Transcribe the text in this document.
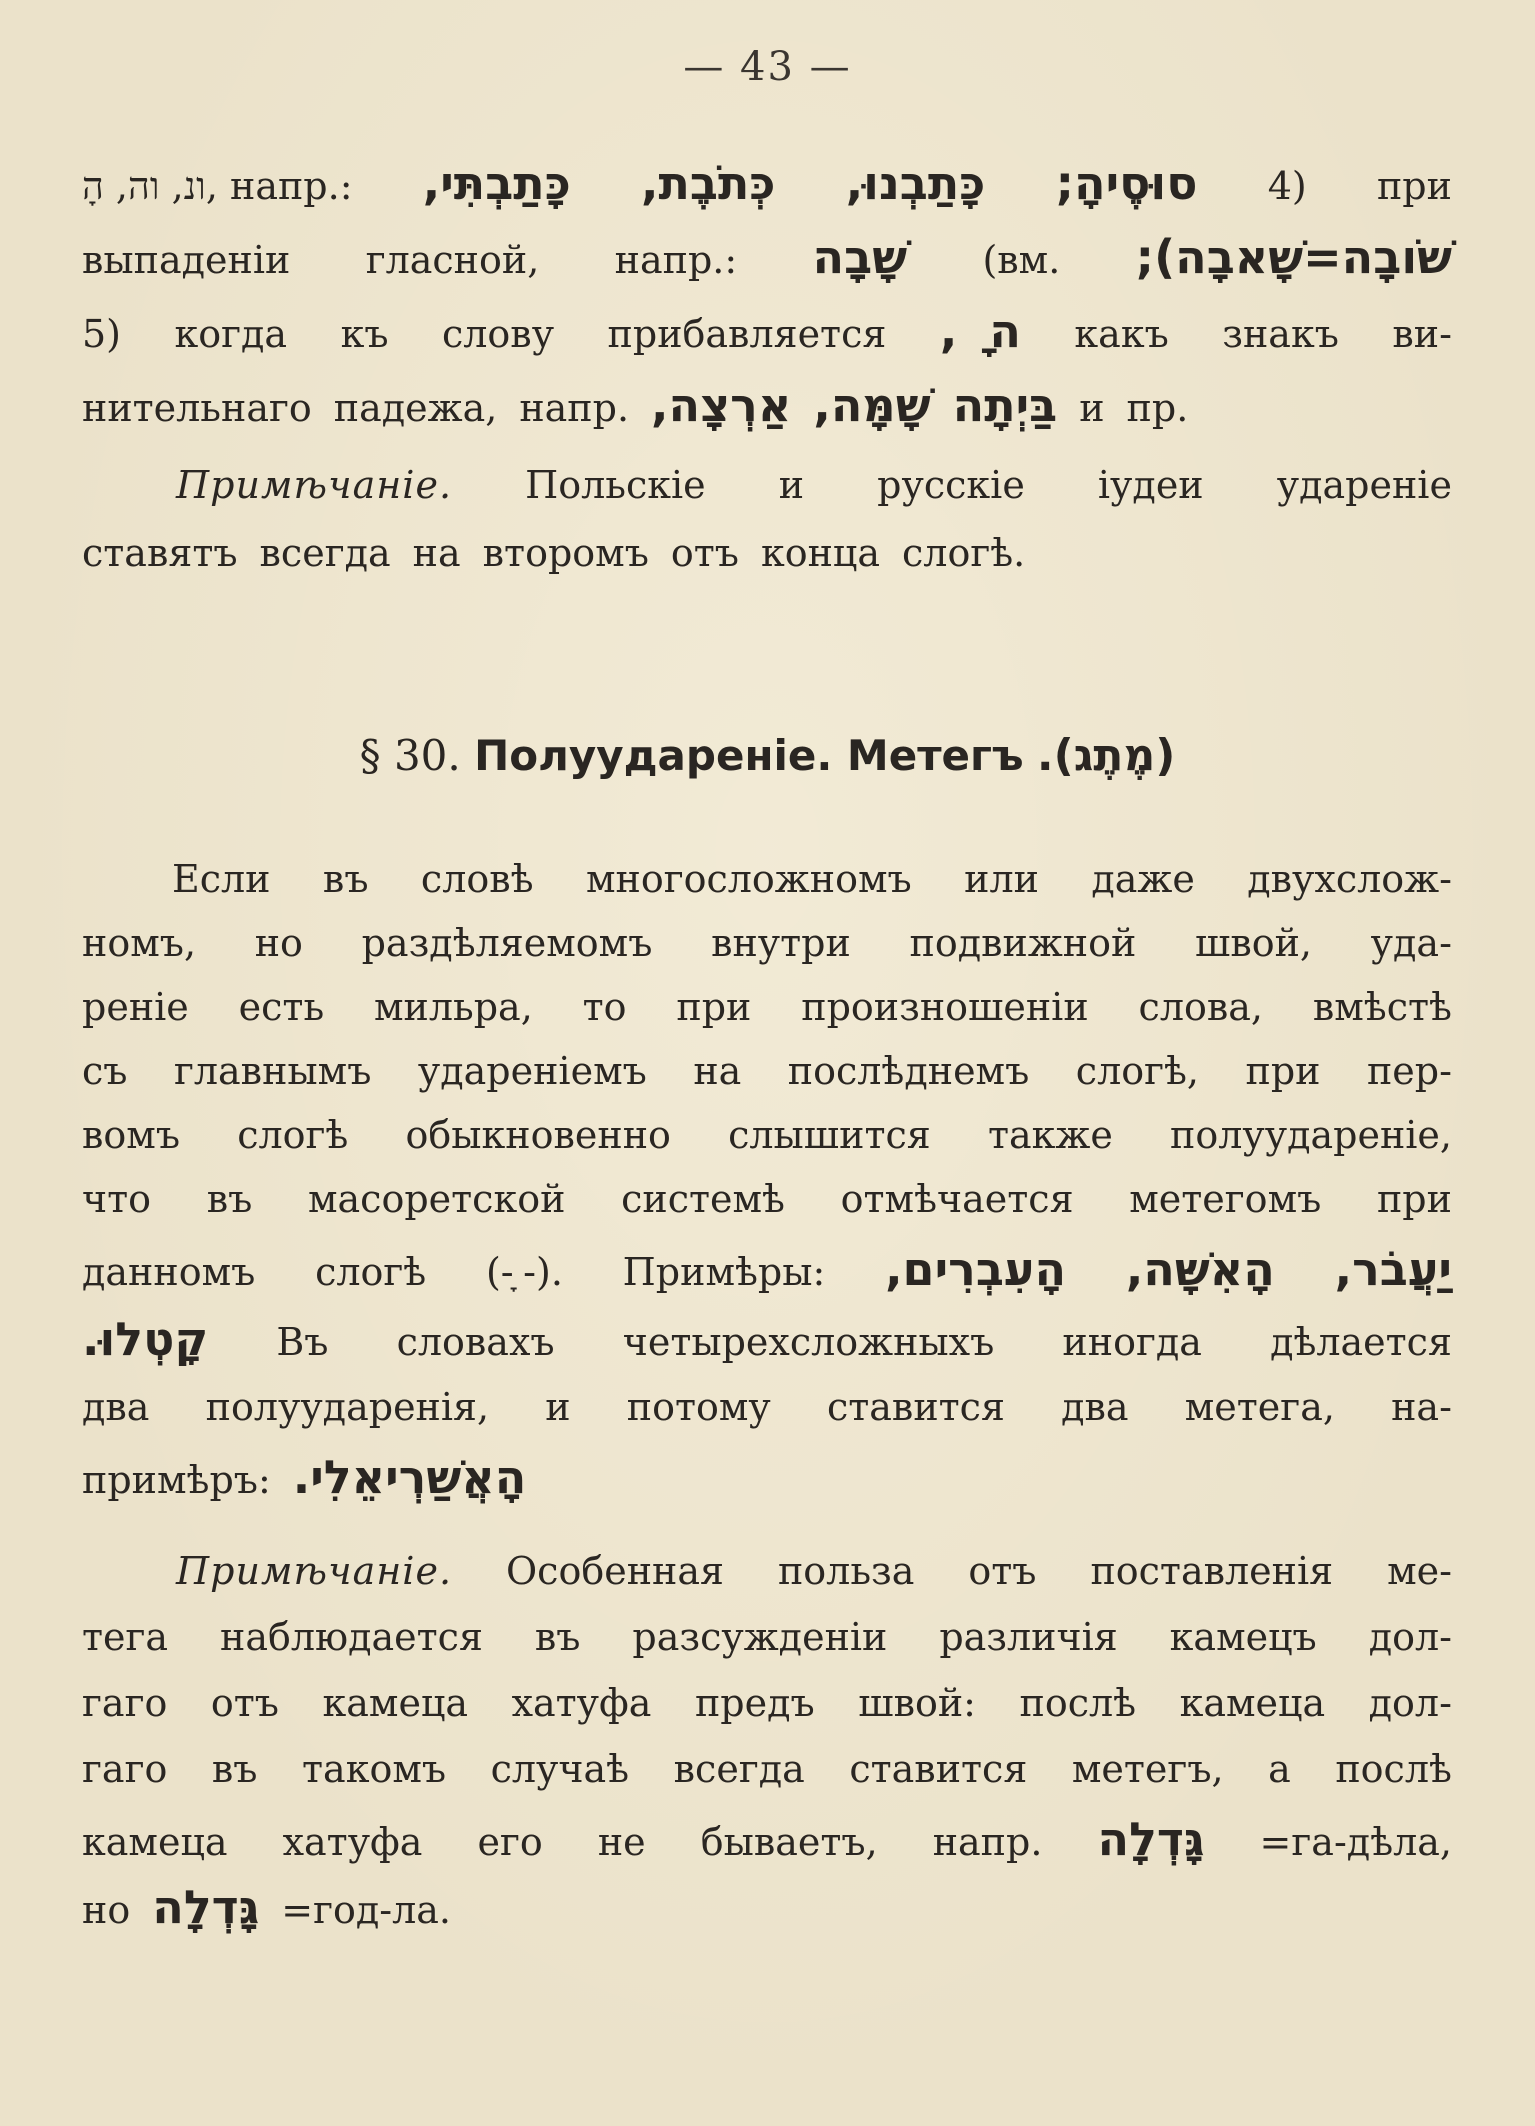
— 43 —
ונ, וה, הָ, напр.: כָּתַבְתִּי, כְּתֹבֶת, כָּתַבְנוּ, סוּסֶיהָ; 4) при
выпаденіи гласной, напр.: שָׁבָה (вм. שֹׁובָה=שָׁאבָה);
5) когда къ слову прибавляется ה ָ , какъ знакъ ви-
нительнаго падежа, напр. אַרְצָה, שָׁמָּה, בַּיְתָה и пр.
Примѣчаніе. Польскіе и русскіе іудеи удареніе
ставятъ всегда на второмъ отъ конца слогѣ.
§ 30. Полуудареніе. Метегъ (מֶתֶג).
Если въ словѣ многосложномъ или даже двухслож-
номъ, но раздѣляемомъ внутри подвижной швой, уда-
реніе есть мильра, то при произношеніи слова, вмѣстѣ
съ главнымъ удареніемъ на послѣднемъ слогѣ, при пер-
вомъ слогѣ обыкновенно слышится также полуудареніе,
что въ масоретской системѣ отмѣчается метегомъ при
данномъ слогѣ (- ָ-). Примѣры: הָעִבְרִים, הָאִשָּׁה, יַעֲבֹר,
קָטְלוּ. Въ словахъ четырехсложныхъ иногда дѣлается
два полуударенія, и потому ставится два метега, на-
примѣръ: הָאֲשַׁרְיאֵלִי.
Примѣчаніе. Особенная польза отъ поставленія ме-
тега наблюдается въ разсужденіи различія камецъ дол-
гаго отъ камеца хатуфа предъ швой: послѣ камеца дол-
гаго въ такомъ случаѣ всегда ставится метегъ, а послѣ
камеца хатуфа его не бываетъ, напр. גָּדְלָה =га-дѣла,
но גָּדְלָה =год-ла.
